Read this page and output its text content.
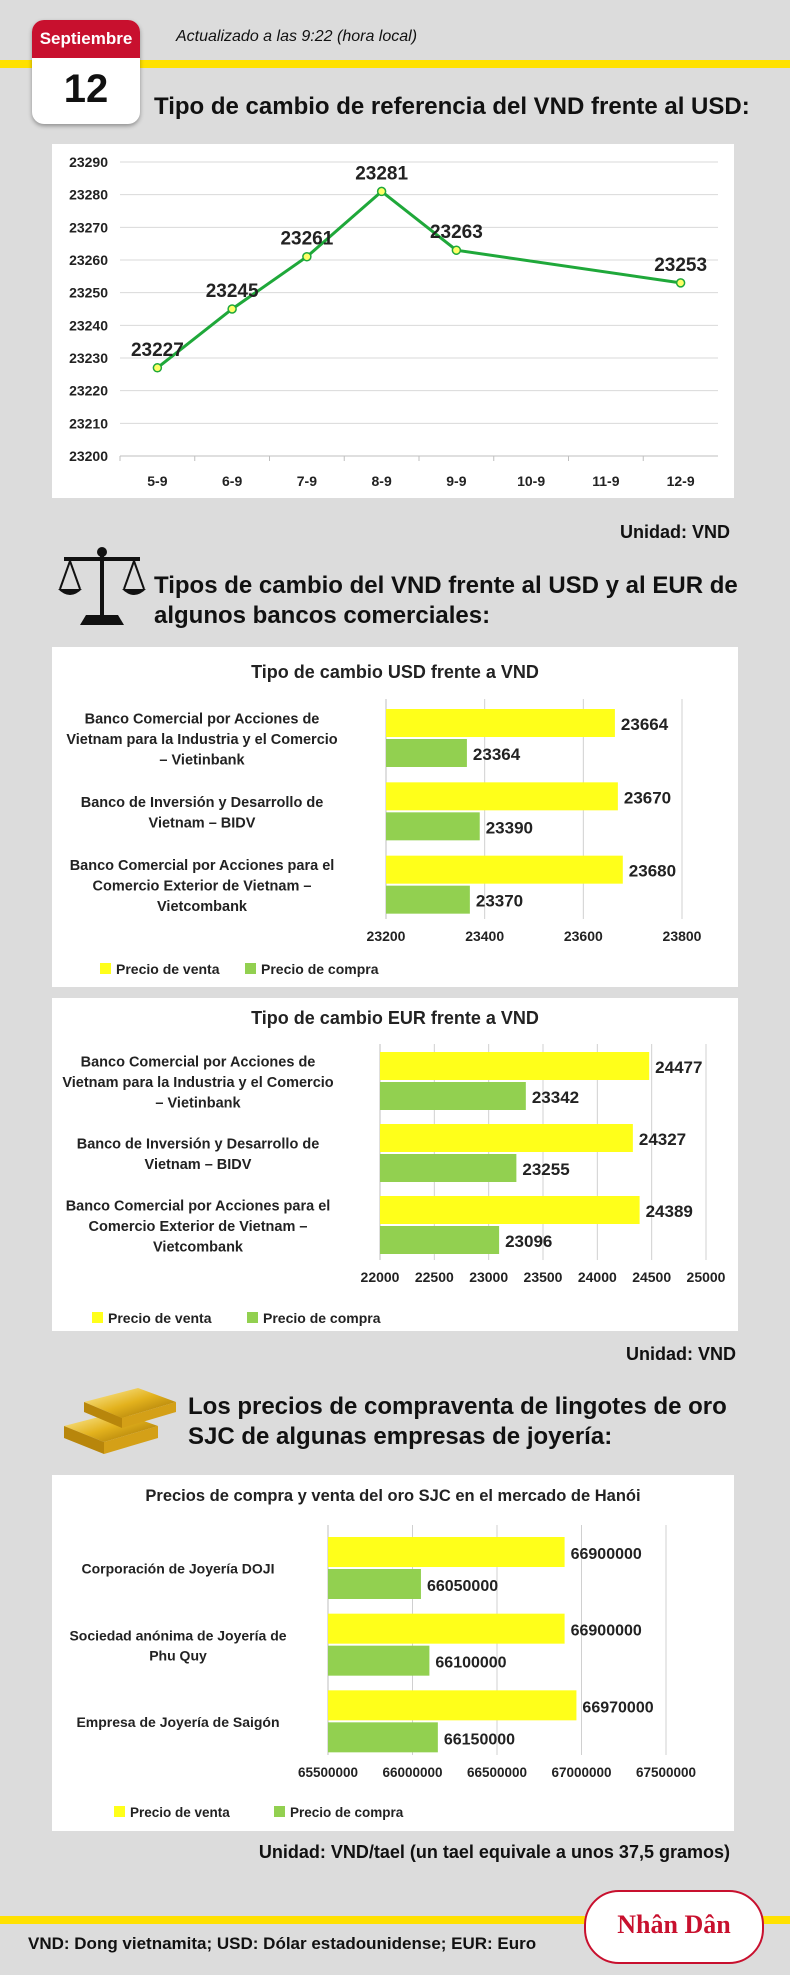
Septiembre
12
Actualizado a las 9:22 (hora local)
Tipo de cambio de referencia del VND frente al USD:
23200
23210
23220
23230
23240
23250
23260
23270
23280
23290
5-9	6-9	7-9	8-9	9-9	10-9	11-9	12-9
23227
23245
23261
23281
23263
23253
Unidad: VND
Tipos de cambio del VND frente al USD y al EUR de
algunos bancos comerciales:
Tipo de cambio USD frente a VND
23200	23400	23600	23800
23664
23364
Banco Comercial por Acciones de
Vietnam para la Industria y el Comercio
– Vietinbank
23670
23390
Banco de Inversión y Desarrollo de
Vietnam – BIDV
23680
23370
Banco Comercial por Acciones para el
Comercio Exterior de Vietnam –
Vietcombank
Precio de venta	Precio de compra
Tipo de cambio EUR frente a VND
22000 22500 23000 23500 24000 24500 25000
24477
23342
Banco Comercial por Acciones de
Vietnam para la Industria y el Comercio
– Vietinbank
24327
23255
Banco de Inversión y Desarrollo de
Vietnam – BIDV
24389
23096
Banco Comercial por Acciones para el
Comercio Exterior de Vietnam –
Vietcombank
Precio de venta	Precio de compra
Unidad: VND
Los precios de compraventa de lingotes de oro
SJC de algunas empresas de joyería:
Precios de compra y venta del oro SJC en el mercado de Hanói
65500000 66000000 66500000 67000000 67500000
66900000
66050000
Corporación de Joyería DOJI
66900000
66100000
Sociedad anónima de Joyería de
Phu Quy
66970000
66150000
Empresa de Joyería de Saigón
Precio de venta	Precio de compra
Unidad: VND/tael (un tael equivale a unos 37,5 gramos)
Nhân Dân
VND: Dong vietnamita; USD: Dólar estadounidense; EUR: Euro
